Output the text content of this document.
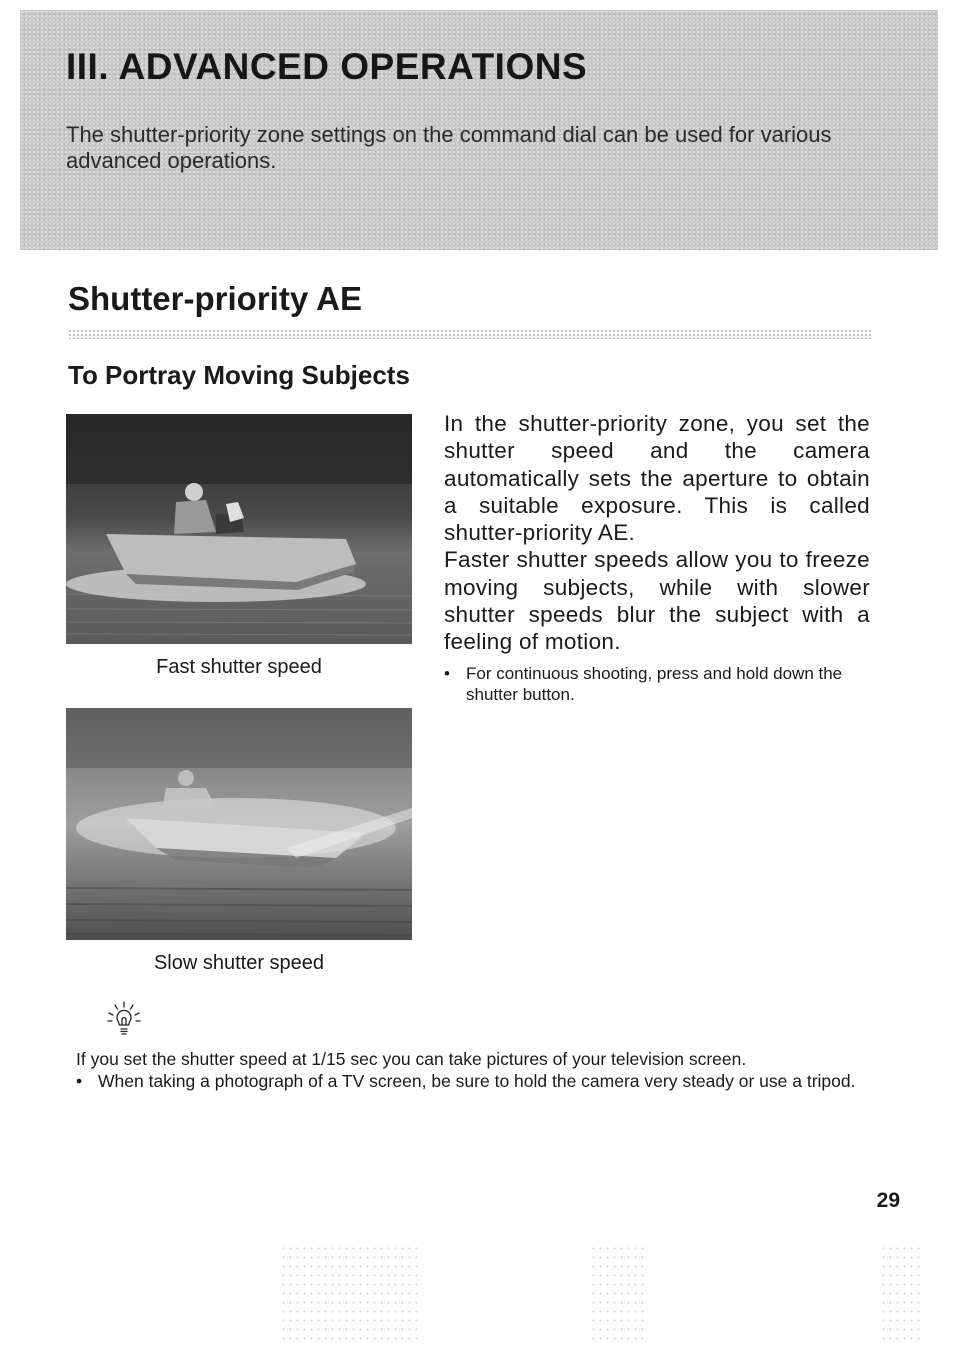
III. ADVANCED OPERATIONS

The shutter-priority zone settings on the command dial can be used for various advanced operations.

Shutter-priority AE
To Portray Moving Subjects

Fast shutter speed

Slow shutter speed

In the shutter-priority zone, you set the shutter speed and the camera automatically sets the aperture to obtain a suitable exposure. This is called shutter-priority AE.

Faster shutter speeds allow you to freeze moving subjects, while with slower shutter speeds blur the subject with a feeling of motion.

• For continuous shooting, press and hold down the shutter button.

If you set the shutter speed at 1/15 sec you can take pictures of your television screen.

• When taking a photograph of a TV screen, be sure to hold the camera very steady or use a tripod.

29
